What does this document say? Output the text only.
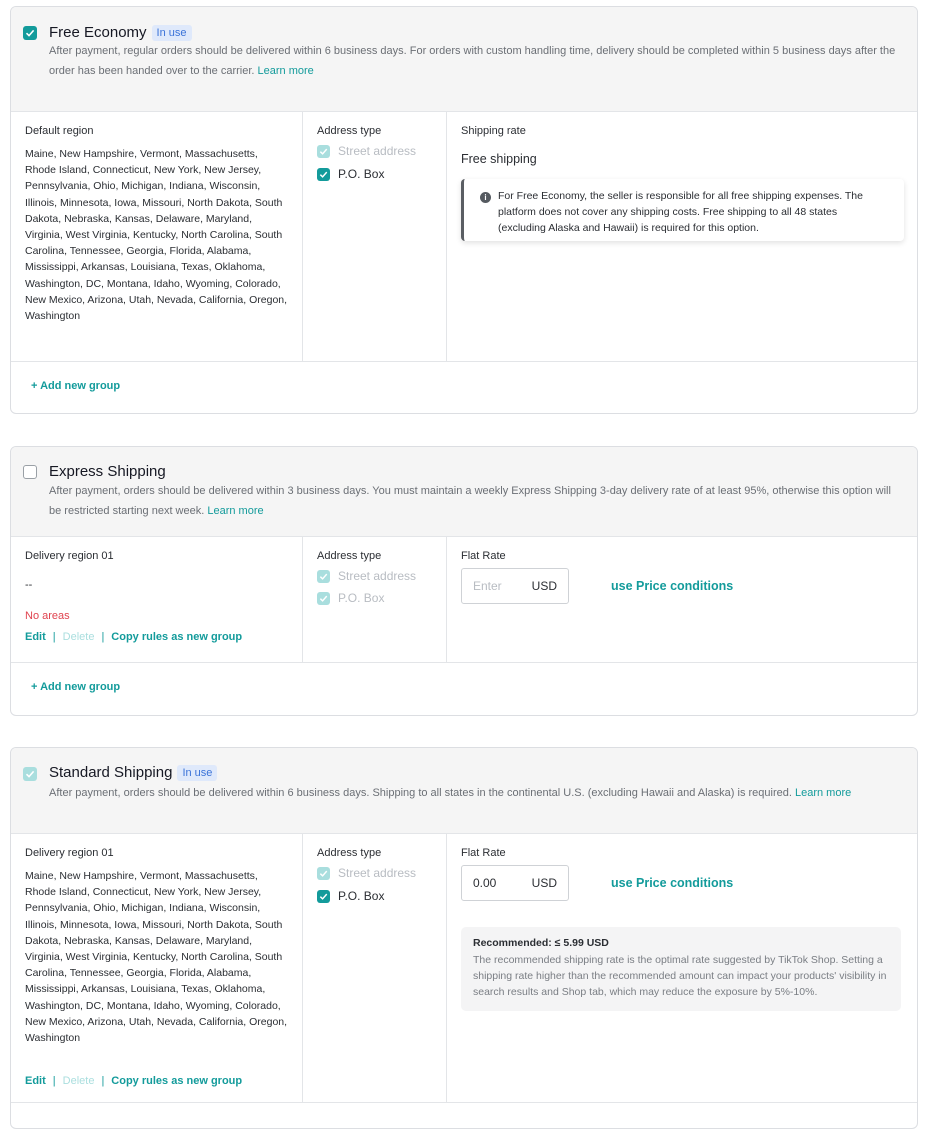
Free Economy In use
After payment, regular orders should be delivered within 6 business days. For orders with custom handling time, delivery should be completed within 5 business days after the order has been handed over to the carrier. Learn more
Default region
Maine, New Hampshire, Vermont, Massachusetts, Rhode Island, Connecticut, New York, New Jersey, Pennsylvania, Ohio, Michigan, Indiana, Wisconsin, Illinois, Minnesota, Iowa, Missouri, North Dakota, South Dakota, Nebraska, Kansas, Delaware, Maryland, Virginia, West Virginia, Kentucky, North Carolina, South Carolina, Tennessee, Georgia, Florida, Alabama, Mississippi, Arkansas, Louisiana, Texas, Oklahoma, Washington, DC, Montana, Idaho, Wyoming, Colorado, New Mexico, Arizona, Utah, Nevada, California, Oregon, Washington
Address type
Street address
P.O. Box
Shipping rate
Free shipping
i	For Free Economy, the seller is responsible for all free shipping expenses. The platform does not cover any shipping costs. Free shipping to all 48 states (excluding Alaska and Hawaii) is required for this option.
+ Add new group
Express Shipping
After payment, orders should be delivered within 3 business days. You must maintain a weekly Express Shipping 3-day delivery rate of at least 95%, otherwise this option will be restricted starting next week. Learn more
Delivery region 01
--
No areas
Edit | Delete | Copy rules as new group
Address type
Street address
P.O. Box
Flat Rate
Enter USD	use Price conditions
+ Add new group
Standard Shipping In use
After payment, orders should be delivered within 6 business days. Shipping to all states in the continental U.S. (excluding Hawaii and Alaska) is required. Learn more
Delivery region 01
Maine, New Hampshire, Vermont, Massachusetts, Rhode Island, Connecticut, New York, New Jersey, Pennsylvania, Ohio, Michigan, Indiana, Wisconsin, Illinois, Minnesota, Iowa, Missouri, North Dakota, South Dakota, Nebraska, Kansas, Delaware, Maryland, Virginia, West Virginia, Kentucky, North Carolina, South Carolina, Tennessee, Georgia, Florida, Alabama, Mississippi, Arkansas, Louisiana, Texas, Oklahoma, Washington, DC, Montana, Idaho, Wyoming, Colorado, New Mexico, Arizona, Utah, Nevada, California, Oregon, Washington
Edit | Delete | Copy rules as new group
Address type
Street address
P.O. Box
Flat Rate
0.00	USD	use Price conditions
Recommended: ≤ 5.99 USD
The recommended shipping rate is the optimal rate suggested by TikTok Shop. Setting a shipping rate higher than the recommended amount can impact your products' visibility in search results and Shop tab, which may reduce the exposure by 5%-10%.
